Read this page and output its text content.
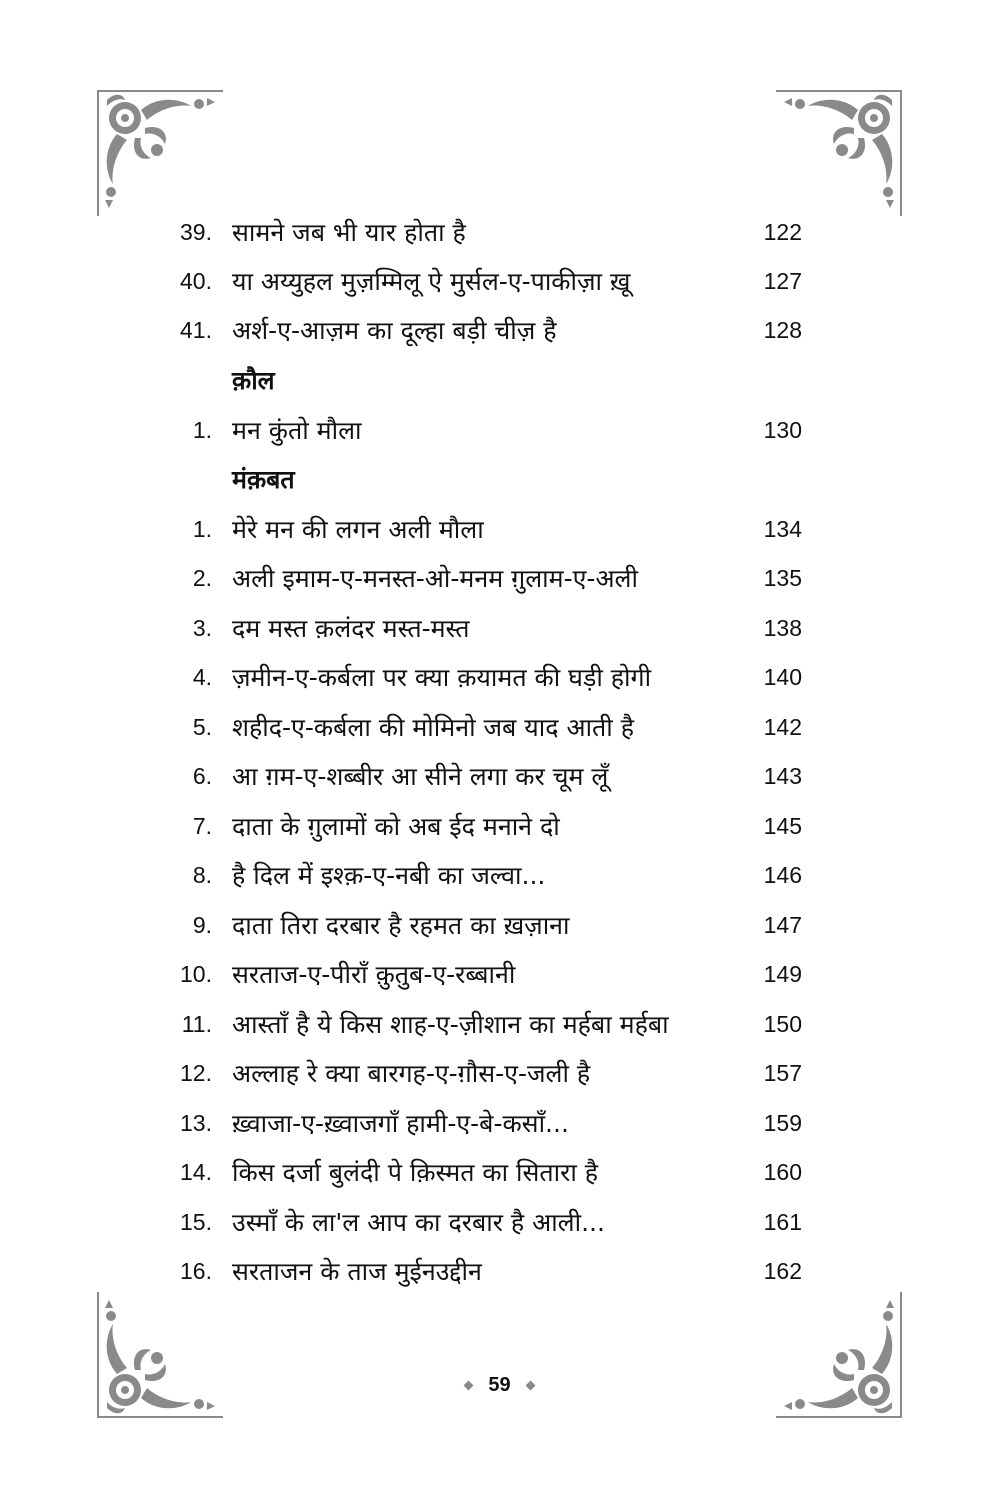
39. सामने जब भी यार होता है	122
40. या अय्युहल मुज़म्मिलू ऐ मुर्सल-ए-पाकीज़ा ख़ू	127
41. अर्श-ए-आज़म का दूल्हा बड़ी चीज़ है	128
क़ौल
1. मन कुंतो मौला	130
मंक़बत
1. मेरे मन की लगन अली मौला	134
2. अली इमाम-ए-मनस्त-ओ-मनम ग़ुलाम-ए-अली	135
3. दम मस्त क़लंदर मस्त-मस्त	138
4. ज़मीन-ए-कर्बला पर क्या क़यामत की घड़ी होगी	140
5. शहीद-ए-कर्बला की मोमिनो जब याद आती है	142
6. आ ग़म-ए-शब्बीर आ सीने लगा कर चूम लूँ	143
7. दाता के ग़ुलामों को अब ईद मनाने दो	145
8. है दिल में इश्क़-ए-नबी का जल्वा...	146
9. दाता तिरा दरबार है रहमत का ख़ज़ाना	147
10. सरताज-ए-पीराँ क़ुतुब-ए-रब्बानी	149
11. आस्ताँ है ये किस शाह-ए-ज़ीशान का मर्हबा मर्हबा	150
12. अल्लाह रे क्या बारगह-ए-ग़ौस-ए-जली है	157
13. ख़्वाजा-ए-ख़्वाजगाँ हामी-ए-बे-कसाँ...	159
14. किस दर्जा बुलंदी पे क़िस्मत का सितारा है	160
15. उस्माँ के ला'ल आप का दरबार है आली...	161
16. सरताजन के ताज मुईनउद्दीन	162
59
